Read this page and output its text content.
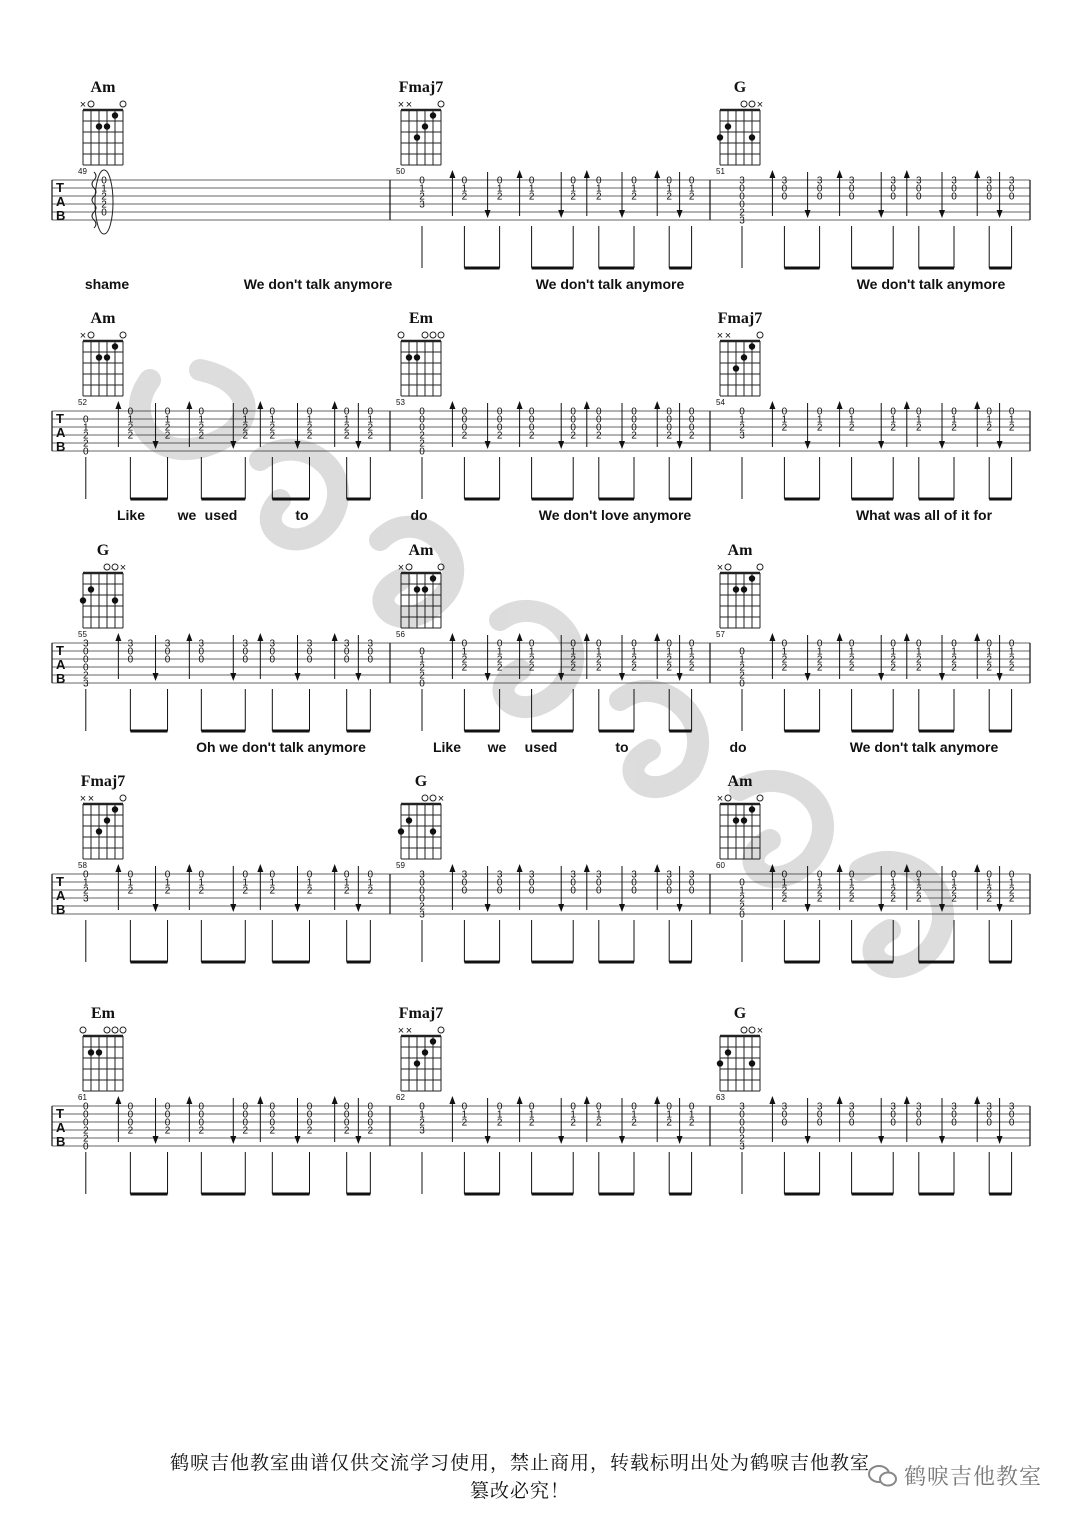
T
A
B
Am
×
Fmaj7
× ×
G
×
49
0
1
2
2
0
50
0
1
2
3
0
1
2
0
1
2
0
1
2
0
1
2
0
1
2
0
1
2
0
1
2
0
1
2
51
3
0
0
0
2
3
3
0
0
3
0
0
3
0
0
3
0
0
3
0
0
3
0
0
3
0
0
3
0
0
T
A
B
Am
×
Em	Fmaj7
× ×
52
0
1
2
2
0
0
1
2
2
0
1
2
2
0
1
2
2
0
1
2
2
0
1
2
2
0
1
2
2
0
1
2
2
0
1
2
2
53
0
0
0
2
2
0
0
0
0
2
0
0
0
2
0
0
0
2
0
0
0
2
0
0
0
2
0
0
0
2
0
0
0
2
0
0
0
2
54
0
1
2
3
0
1
2
0
1
2
0
1
2
0
1
2
0
1
2
0
1
2
0
1
2
0
1
2
T
A
B
G
×
Am
×
Am
×
55
3
0
0
0
2
3
3
0
0
3
0
0
3
0
0
3
0
0
3
0
0
3
0
0
3
0
0
3
0
0
56
0
1
2
2
0
0
1
2
2
0
1
2
2
0
1
2
2
0
1
2
2
0
1
2
2
0
1
2
2
0
1
2
2
0
1
2
2
57
0
1
2
2
0
0
1
2
2
0
1
2
2
0
1
2
2
0
1
2
2
0
1
2
2
0
1
2
2
0
1
2
2
0
1
2
2
T
A
B
Fmaj7
× ×
G
×
Am
×
58
0
1
2
3
0
1
2
0
1
2
0
1
2
0
1
2
0
1
2
0
1
2
0
1
2
0
1
2
59
3
0
0
0
2
3
3
0
0
3
0
0
3
0
0
3
0
0
3
0
0
3
0
0
3
0
0
3
0
0
60
0
1
2
2
0
0
1
2
2
0
1
2
2
0
1
2
2
0
1
2
2
0
1
2
2
0
1
2
2
0
1
2
2
0
1
2
2
T
A
B
Em	Fmaj7
× ×
G
×
61
0
0
0
2
2
0
0
0
0
2
0
0
0
2
0
0
0
2
0
0
0
2
0
0
0
2
0
0
0
2
0
0
0
2
0
0
0
2
62
0
1
2
3
0
1
2
0
1
2
0
1
2
0
1
2
0
1
2
0
1
2
0
1
2
0
1
2
63
3
0
0
0
2
3
3
0
0
3
0
0
3
0
0
3
0
0
3
0
0
3
0
0
3
0
0
3
0
0
shame	We don't talk anymore	We don't talk anymore	We don't talk anymore
Like we used	to	do	We don't love anymore	What was all of it for
Oh we don't talk anymore	Like we used	to	do	We don't talk anymore
鹤唳吉他教室曲谱仅供交流学习使用，禁止商用，转载标明出处为鹤唳吉他教室
篡改必究！
鹤唳吉他教室
